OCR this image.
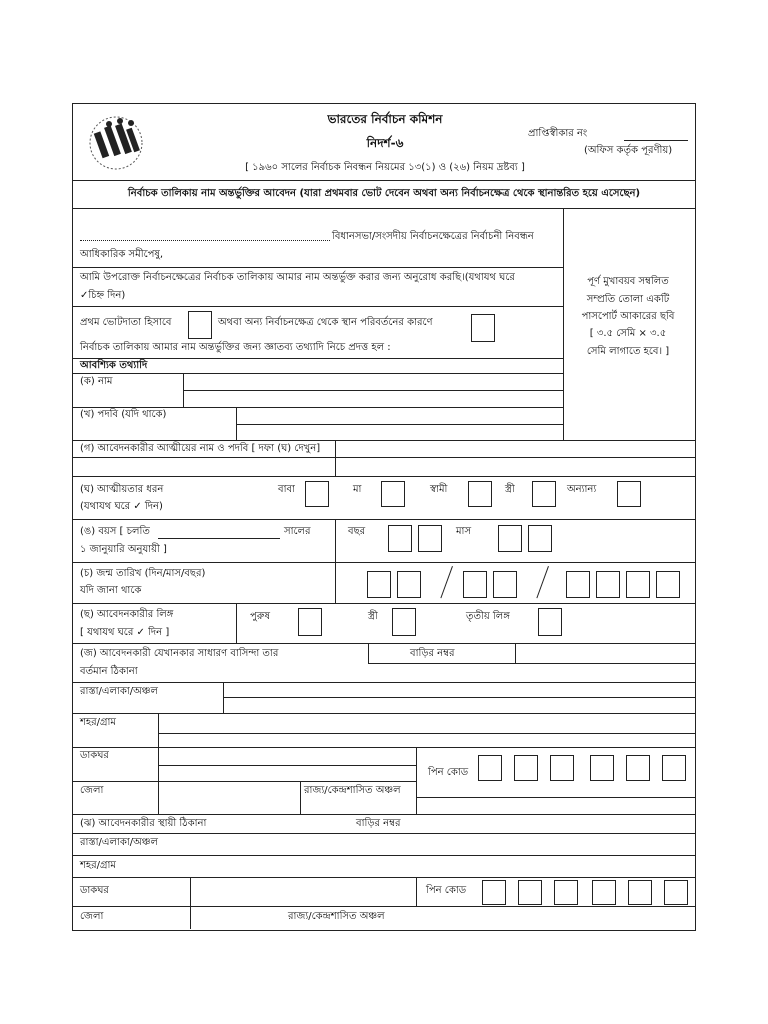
ভারতের নির্বাচন কমিশন
নিদর্শ-৬
[ ১৯৬০ সালের নির্বাচক নিবন্ধন নিয়মের ১৩(১) ও (২৬) নিয়ম দ্রষ্টব্য ]
প্রাপ্তিস্বীকার নং
(অফিস কর্তৃক পূরণীয়)
নির্বাচক তালিকায় নাম অন্তর্ভুক্তির আবেদন (যারা প্রথমবার ভোট দেবেন অথবা অন্য নির্বাচনক্ষেত্র থেকে স্থানান্তরিত হয়ে এসেছেন)
পূর্ণ মুখাবয়ব সম্বলিত
সম্প্রতি তোলা একটি
পাসপোর্ট আকারের ছবি
[ ৩.৫ সেমি × ৩.৫
সেমি লাগাতে হবে। ]
বিধানসভা/সংসদীয় নির্বাচনক্ষেত্রের নির্বাচনী নিবন্ধন
আধিকারিক সমীপেষু,
আমি উপরোক্ত নির্বাচনক্ষেত্রের নির্বাচক তালিকায় আমার নাম অন্তর্ভুক্ত করার জন্য অনুরোধ করছি।(যথাযথ ঘরে
✓চিহ্ন দিন)
প্রথম ভোটদাতা হিসাবে	অথবা অন্য নির্বাচনক্ষেত্র থেকে স্থান পরিবর্তনের কারণে
নির্বাচক তালিকায় আমার নাম অন্তর্ভুক্তির জন্য জ্ঞাতব্য তথ্যাদি নিচে প্রদত্ত হল :
আবশ্যিক তথ্যাদি
(ক) নাম
(খ) পদবি (যদি থাকে)
(গ) আবেদনকারীর আত্মীয়ের নাম ও পদবি [ দফা (ঘ) দেখুন]
(ঘ) আত্মীয়তার ধরন
(যথাযথ ঘরে ✓ দিন)
বাবা	মা	স্বামী	স্ত্রী	অন্যান্য
(ঙ) বয়স [ চলতি	সালের
১ জানুয়ারি অনুযায়ী ]
বছর	মাস
(চ) জন্ম তারিখ (দিন/মাস/বছর)
যদি জানা থাকে
(ছ) আবেদনকারীর লিঙ্গ
[ যথাযথ ঘরে ✓ দিন ]
পুরুষ	স্ত্রী	তৃতীয় লিঙ্গ
(জ) আবেদনকারী যেখানকার সাধারণ বাসিন্দা তার
বর্তমান ঠিকানা
বাড়ির নম্বর
রাস্তা/এলাকা/অঞ্চল
শহর/গ্রাম
ডাকঘর
পিন কোড
জেলা	রাজ্য/কেন্দ্রশাসিত অঞ্চল
(ঝ) আবেদনকারীর স্থায়ী ঠিকানা	বাড়ির নম্বর
রাস্তা/এলাকা/অঞ্চল
শহর/গ্রাম
ডাকঘর	পিন কোড
জেলা	রাজ্য/কেন্দ্রশাসিত অঞ্চল
